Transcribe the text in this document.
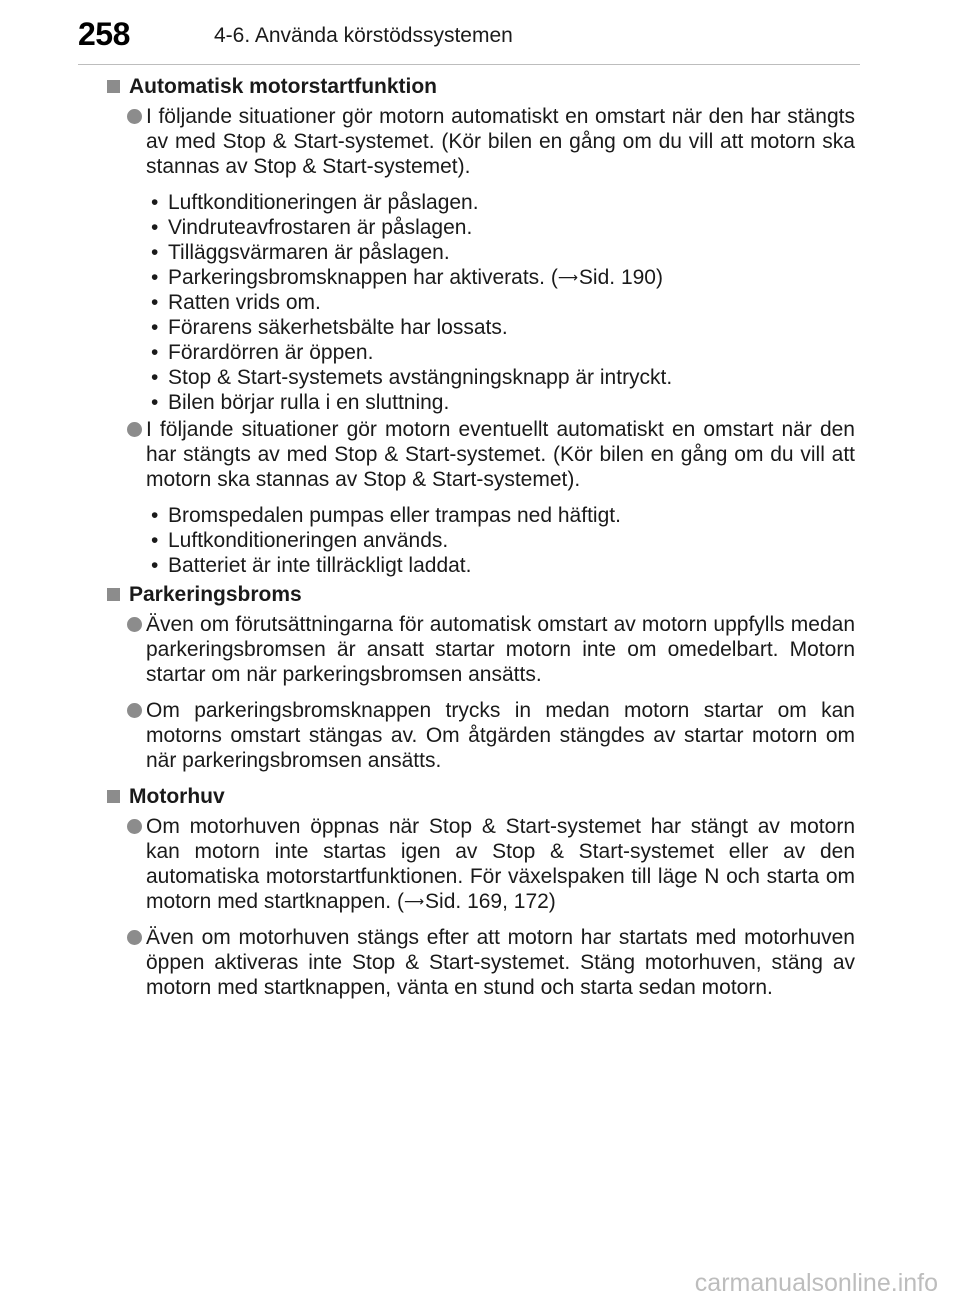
258	4-6. Använda körstödssystemen
Automatisk motorstartfunktion
I följande situationer gör motorn automatiskt en omstart när den har stängts av med Stop & Start-systemet. (Kör bilen en gång om du vill att motorn ska stannas av Stop & Start-systemet).
• Luftkonditioneringen är påslagen.
• Vindruteavfrostaren är påslagen.
• Tilläggsvärmaren är påslagen.
• Parkeringsbromsknappen har aktiverats. (⟶Sid. 190)
• Ratten vrids om.
• Förarens säkerhetsbälte har lossats.
• Förardörren är öppen.
• Stop & Start-systemets avstängningsknapp är intryckt.
• Bilen börjar rulla i en sluttning.
I följande situationer gör motorn eventuellt automatiskt en omstart när den har stängts av med Stop & Start-systemet. (Kör bilen en gång om du vill att motorn ska stannas av Stop & Start-systemet).
• Bromspedalen pumpas eller trampas ned häftigt.
• Luftkonditioneringen används.
• Batteriet är inte tillräckligt laddat.
Parkeringsbroms
Även om förutsättningarna för automatisk omstart av motorn uppfylls medan parkeringsbromsen är ansatt startar motorn inte om omedelbart. Motorn startar om när parkeringsbromsen ansätts.
Om parkeringsbromsknappen trycks in medan motorn startar om kan motorns omstart stängas av. Om åtgärden stängdes av startar motorn om när parkeringsbromsen ansätts.
Motorhuv
Om motorhuven öppnas när Stop & Start-systemet har stängt av motorn kan motorn inte startas igen av Stop & Start-systemet eller av den automatiska motorstartfunktionen. För växelspaken till läge N och starta om motorn med startknappen. (⟶Sid. 169, 172)
Även om motorhuven stängs efter att motorn har startats med motorhuven öppen aktiveras inte Stop & Start-systemet. Stäng motorhuven, stäng av motorn med startknappen, vänta en stund och starta sedan motorn.
carmanualsonline.info
